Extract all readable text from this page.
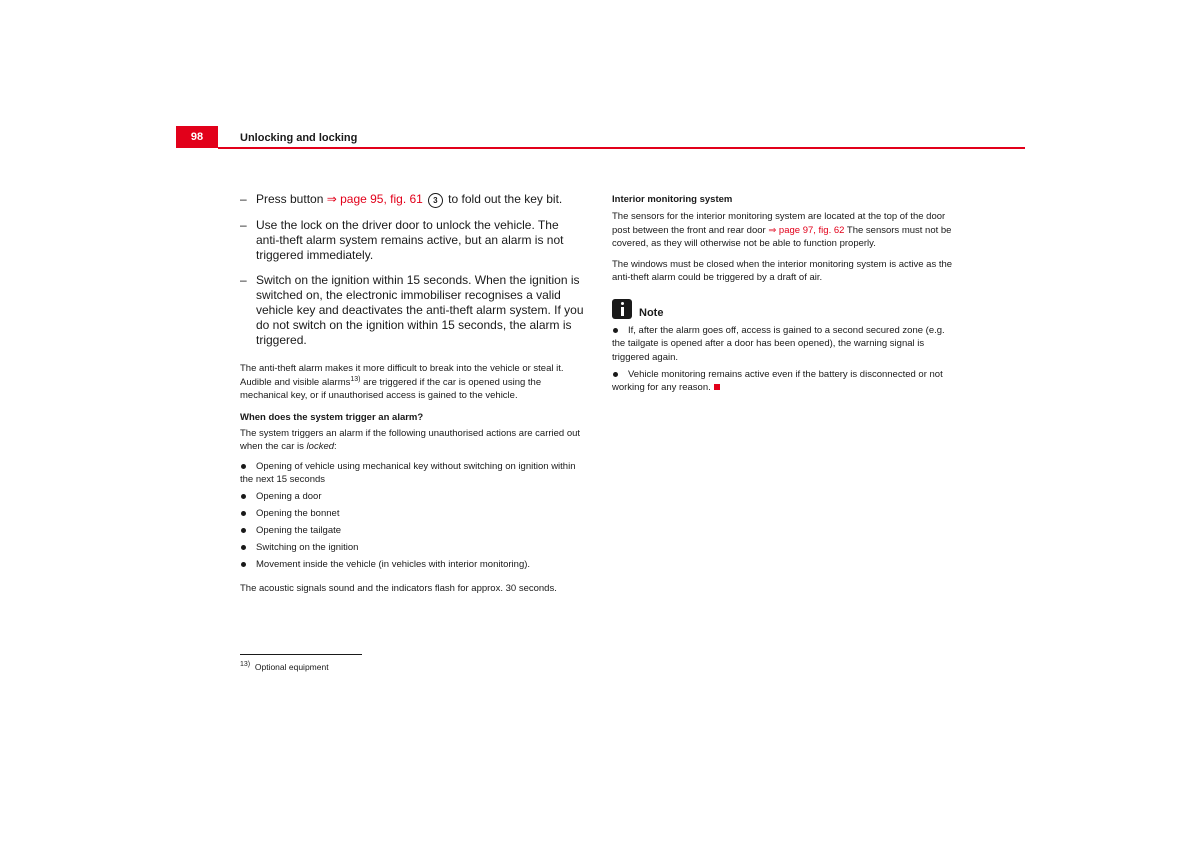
98	Unlocking and locking
– Press button ⇒ page 95, fig. 61 3 to fold out the key bit.
– Use the lock on the driver door to unlock the vehicle. The anti-theft alarm system remains active, but an alarm is not triggered immediately.
– Switch on the ignition within 15 seconds. When the ignition is switched on, the electronic immobiliser recognises a valid vehicle key and deactivates the anti-theft alarm system. If you do not switch on the ignition within 15 seconds, the alarm is triggered.
The anti-theft alarm makes it more difficult to break into the vehicle or steal it. Audible and visible alarms$^{13)}$ are triggered if the car is opened using the mechanical key, or if unauthorised access is gained to the vehicle.
When does the system trigger an alarm?
The system triggers an alarm if the following unauthorised actions are carried out when the car is locked:
Opening of vehicle using mechanical key without switching on ignition within the next 15 seconds
Opening a door
Opening the bonnet
Opening the tailgate
Switching on the ignition
Movement inside the vehicle (in vehicles with interior monitoring).
The acoustic signals sound and the indicators flash for approx. 30 seconds.
$^{13)}$ Optional equipment
Interior monitoring system
The sensors for the interior monitoring system are located at the top of the door post between the front and rear door ⇒ page 97, fig. 62 The sensors must not be covered, as they will otherwise not be able to function properly.
The windows must be closed when the interior monitoring system is active as the anti-theft alarm could be triggered by a draft of air.
Note
If, after the alarm goes off, access is gained to a second secured zone (e.g. the tailgate is opened after a door has been opened), the warning signal is triggered again.
Vehicle monitoring remains active even if the battery is disconnected or not working for any reason.
